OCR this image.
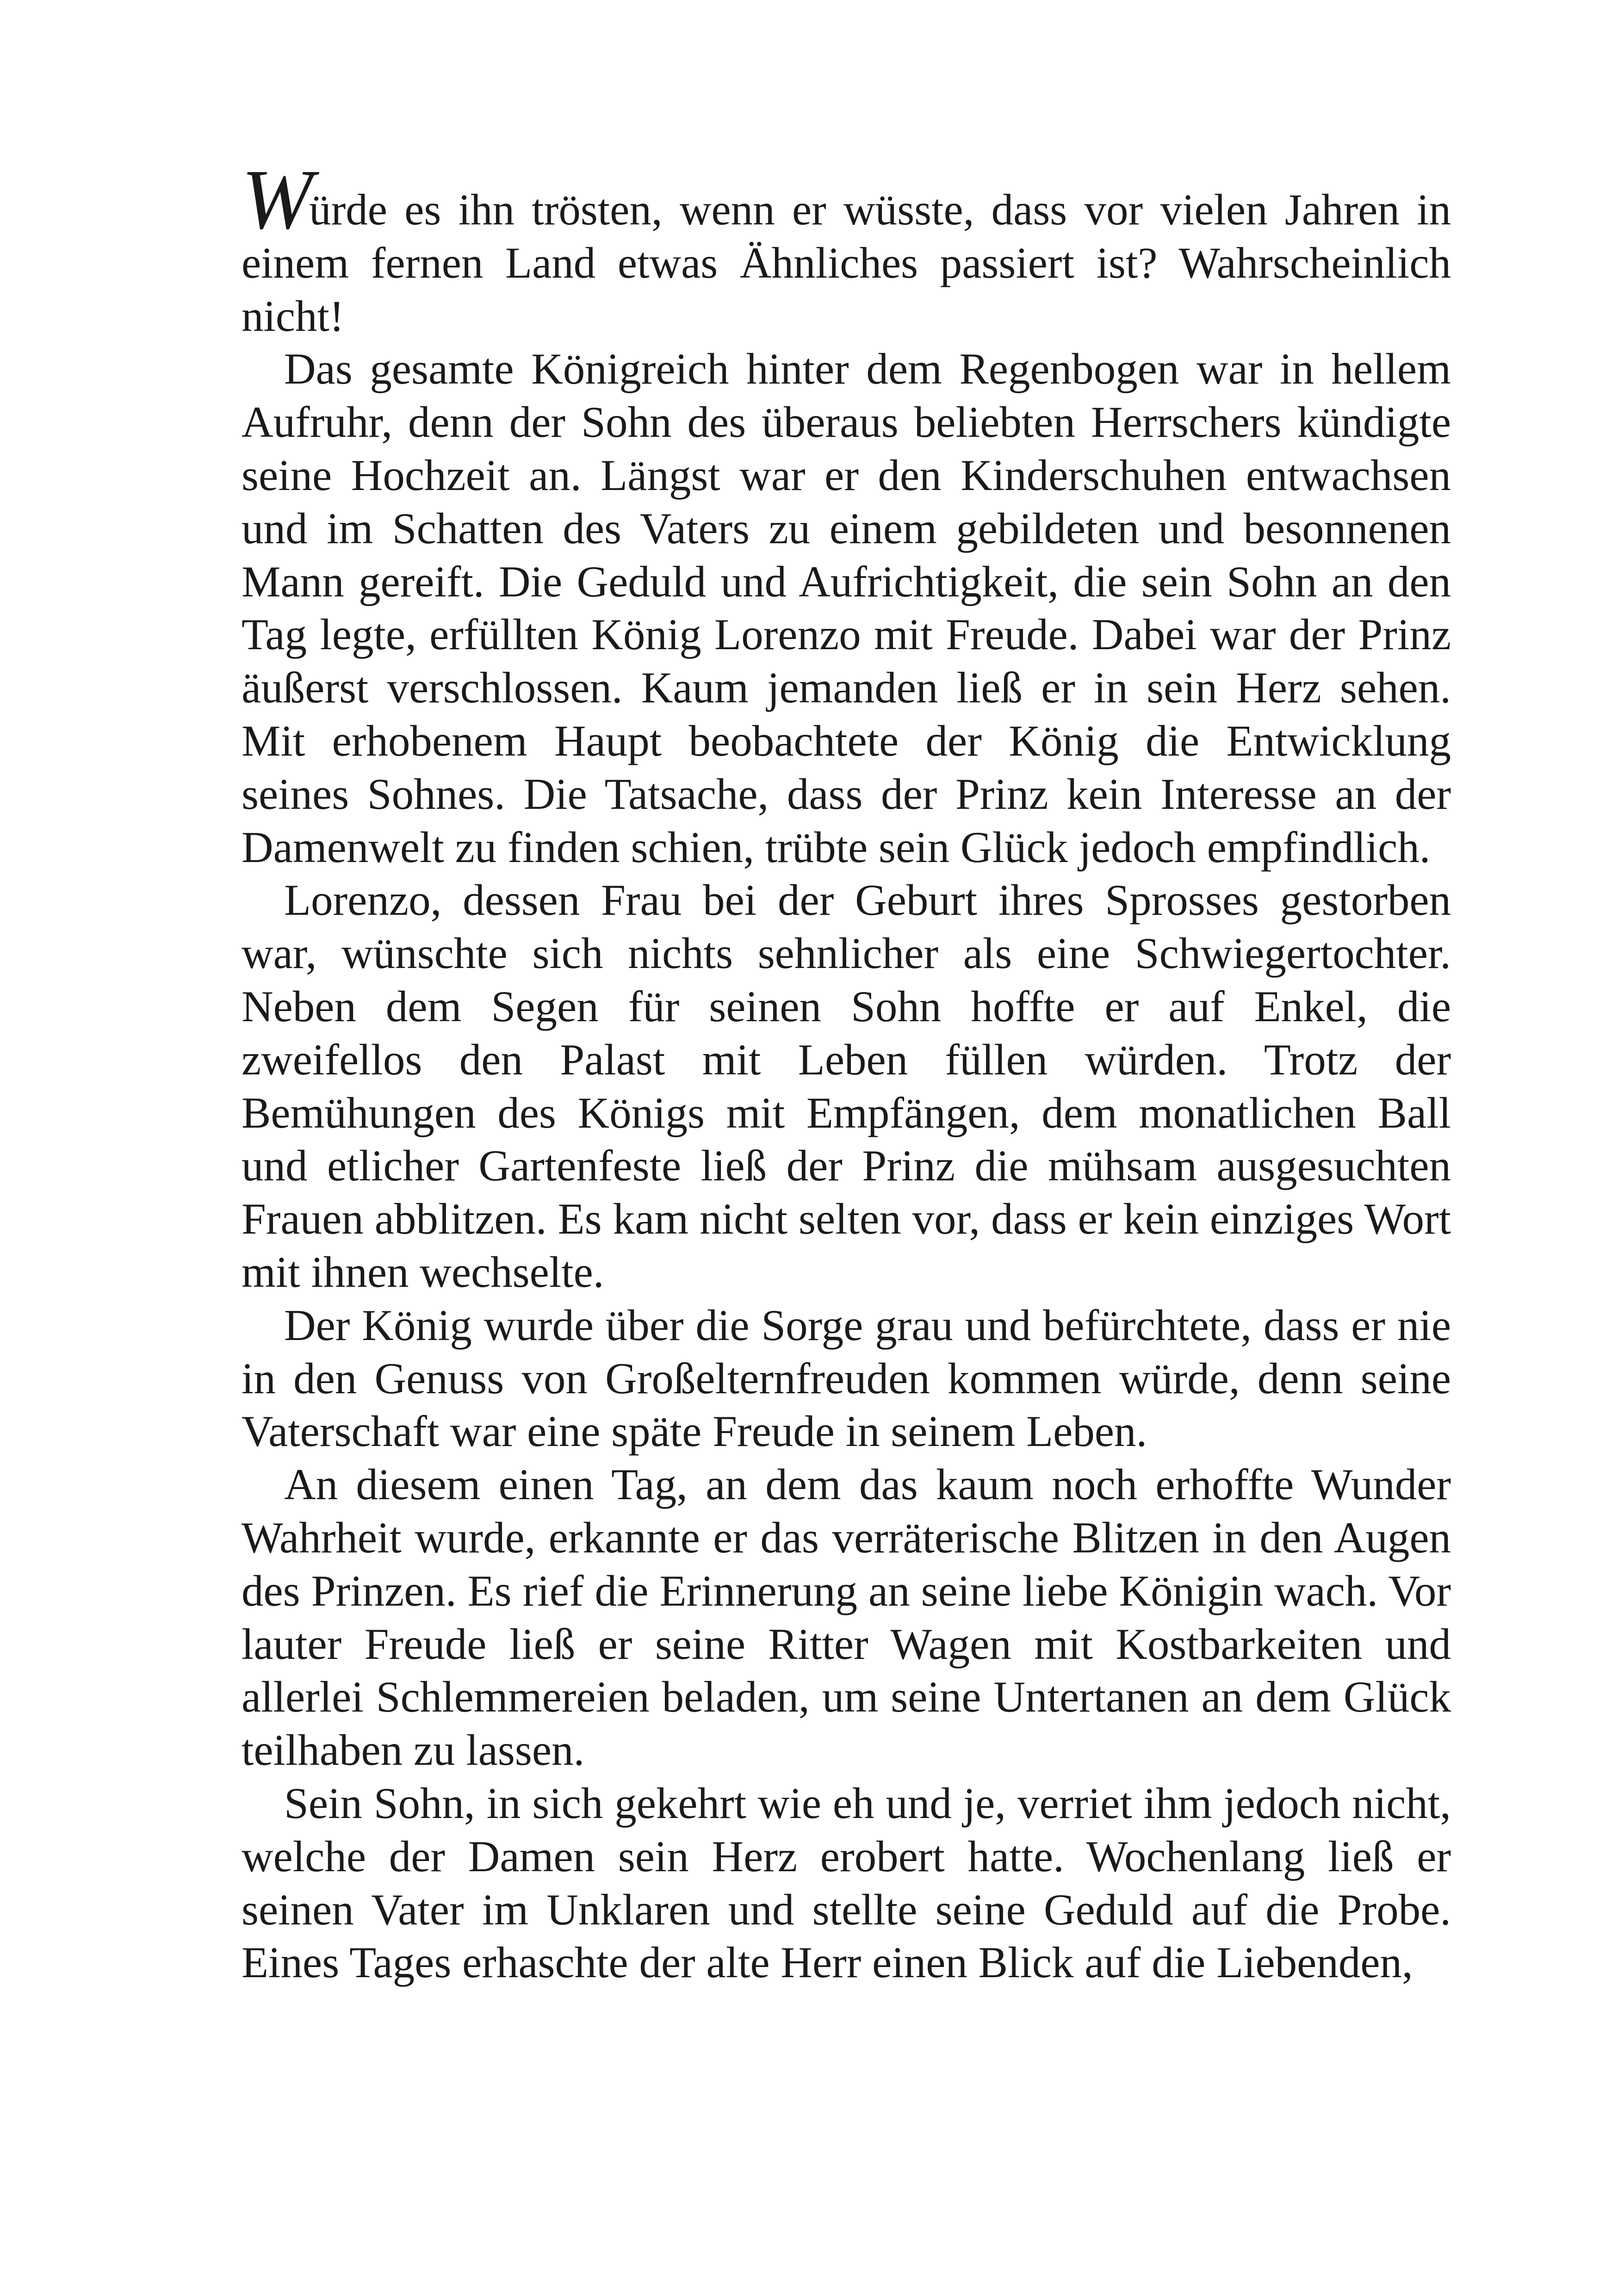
Würde es ihn trösten, wenn er wüsste, dass vor vielen Jahren in einem fernen Land etwas Ähnliches passiert ist? Wahrscheinlich nicht!

Das gesamte Königreich hinter dem Regenbogen war in hellem Aufruhr, denn der Sohn des überaus beliebten Herrschers kündigte seine Hochzeit an. Längst war er den Kinderschuhen entwachsen und im Schatten des Vaters zu einem gebildeten und besonnenen Mann gereift. Die Geduld und Aufrichtigkeit, die sein Sohn an den Tag legte, erfüllten König Lorenzo mit Freude. Dabei war der Prinz äußerst verschlossen. Kaum jemanden ließ er in sein Herz sehen. Mit erhobenem Haupt beobachtete der König die Entwicklung seines Sohnes. Die Tatsache, dass der Prinz kein Interesse an der Damenwelt zu finden schien, trübte sein Glück jedoch empfindlich.

Lorenzo, dessen Frau bei der Geburt ihres Sprosses gestorben war, wünschte sich nichts sehnlicher als eine Schwiegertochter. Neben dem Segen für seinen Sohn hoffte er auf Enkel, die zweifellos den Palast mit Leben füllen würden. Trotz der Bemühungen des Königs mit Empfängen, dem monatlichen Ball und etlicher Gartenfeste ließ der Prinz die mühsam ausgesuchten Frauen abblitzen. Es kam nicht selten vor, dass er kein einziges Wort mit ihnen wechselte.

Der König wurde über die Sorge grau und befürchtete, dass er nie in den Genuss von Großelternfreuden kommen würde, denn seine Vaterschaft war eine späte Freude in seinem Leben.

An diesem einen Tag, an dem das kaum noch erhoffte Wunder Wahrheit wurde, erkannte er das verräterische Blitzen in den Augen des Prinzen. Es rief die Erinnerung an seine liebe Königin wach. Vor lauter Freude ließ er seine Ritter Wagen mit Kostbarkeiten und allerlei Schlemmereien beladen, um seine Untertanen an dem Glück teilhaben zu lassen.

Sein Sohn, in sich gekehrt wie eh und je, verriet ihm jedoch nicht, welche der Damen sein Herz erobert hatte. Wochenlang ließ er seinen Vater im Unklaren und stellte seine Geduld auf die Probe. Eines Tages erhaschte der alte Herr einen Blick auf die Liebenden,
